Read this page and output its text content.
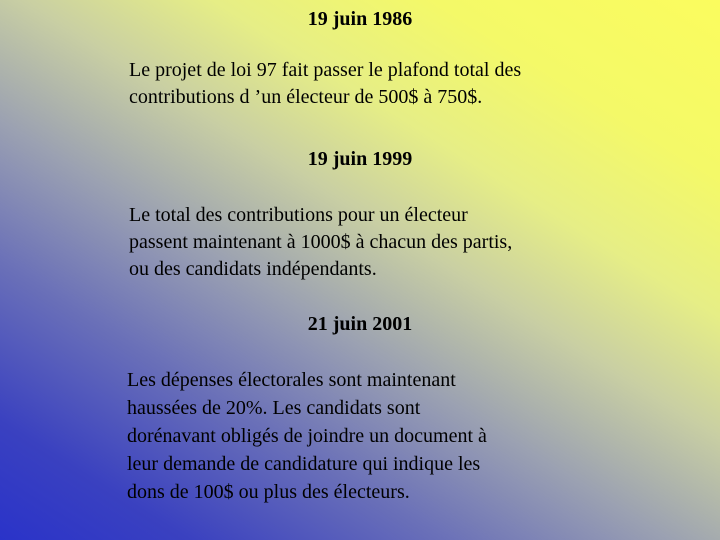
19 juin 1986
Le projet de loi 97 fait passer le plafond total des
contributions d ’un électeur de 500$ à 750$.
19 juin 1999
Le total des contributions pour un électeur
passent maintenant à 1000$ à chacun des partis,
ou des candidats indépendants.
21 juin 2001
Les dépenses électorales sont maintenant
haussées de 20%. Les candidats sont
dorénavant obligés de joindre un document à
leur demande de candidature qui indique les
dons de 100$ ou plus des électeurs.
